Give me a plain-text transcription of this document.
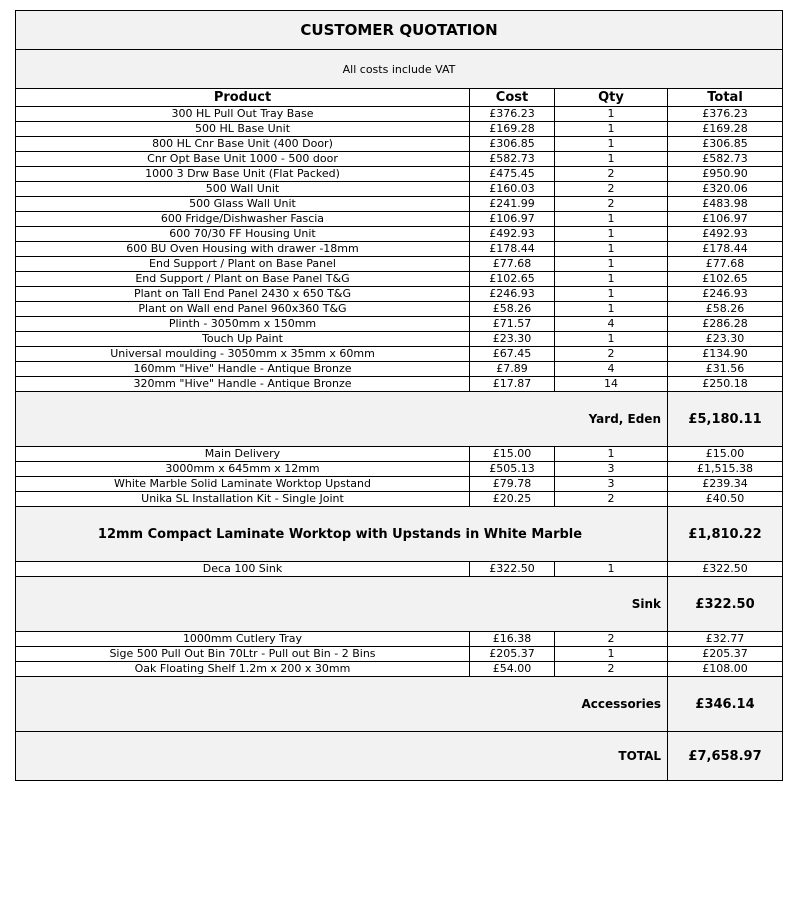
CUSTOMER QUOTATION			
All costs include VAT			
Product	Cost	Qty	Total
300 HL Pull Out Tray Base	£376.23	1	£376.23
500 HL Base Unit	£169.28	1	£169.28
800 HL Cnr Base Unit (400 Door)	£306.85	1	£306.85
Cnr Opt Base Unit 1000 - 500 door	£582.73	1	£582.73
1000 3 Drw Base Unit (Flat Packed)	£475.45	2	£950.90
500 Wall Unit	£160.03	2	£320.06
500 Glass Wall Unit	£241.99	2	£483.98
600 Fridge/Dishwasher Fascia	£106.97	1	£106.97
600 70/30 FF Housing Unit	£492.93	1	£492.93
600 BU Oven Housing with drawer -18mm	£178.44	1	£178.44
End Support / Plant on Base Panel	£77.68	1	£77.68
End Support / Plant on Base Panel T&G	£102.65	1	£102.65
Plant on Tall End Panel 2430 x 650 T&G	£246.93	1	£246.93
Plant on Wall end Panel 960x360 T&G	£58.26	1	£58.26
Plinth - 3050mm x 150mm	£71.57	4	£286.28
Touch Up Paint	£23.30	1	£23.30
Universal moulding - 3050mm x 35mm x 60mm	£67.45	2	£134.90
160mm "Hive" Handle - Antique Bronze	£7.89	4	£31.56
320mm "Hive" Handle - Antique Bronze	£17.87	14	£250.18
Yard, Eden			£5,180.11
Main Delivery	£15.00	1	£15.00
3000mm x 645mm x 12mm	£505.13	3	£1,515.38
White Marble Solid Laminate Worktop Upstand	£79.78	3	£239.34
Unika SL Installation Kit - Single Joint	£20.25	2	£40.50
12mm Compact Laminate Worktop with Upstands in White Marble			£1,810.22
Deca 100 Sink	£322.50	1	£322.50
Sink			£322.50
1000mm Cutlery Tray	£16.38	2	£32.77
Sige 500 Pull Out Bin 70Ltr - Pull out Bin - 2 Bins	£205.37	1	£205.37
Oak Floating Shelf 1.2m x 200 x 30mm	£54.00	2	£108.00
Accessories			£346.14
TOTAL			£7,658.97
